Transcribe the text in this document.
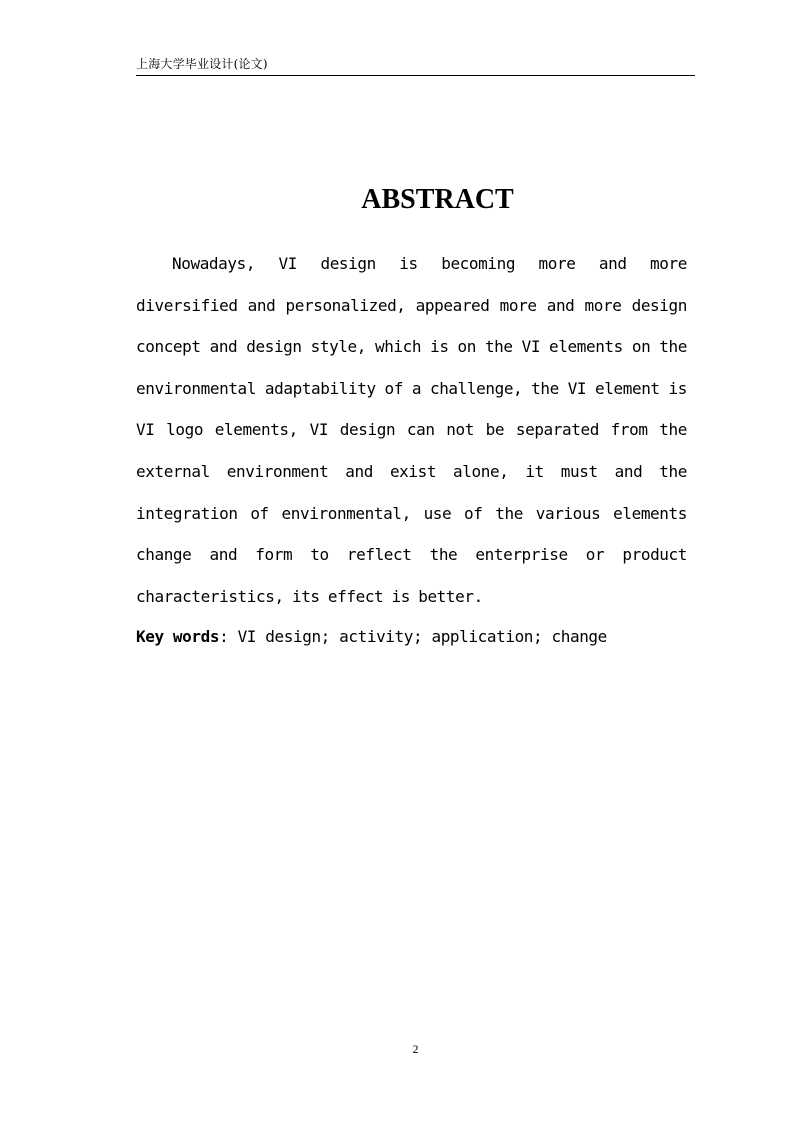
上海大学毕业设计(论文)
ABSTRACT

Nowadays, VI design is becoming more and more diversified and personalized, appeared more and more design concept and design style, which is on the VI elements on the environmental adaptability of a challenge, the VI element is VI logo elements, VI design can not be separated from the external environment and exist alone, it must and the integration of environmental, use of the various elements change and form to reflect the enterprise or product characteristics, its effect is better.

Key words: VI design; activity; application; change

2
